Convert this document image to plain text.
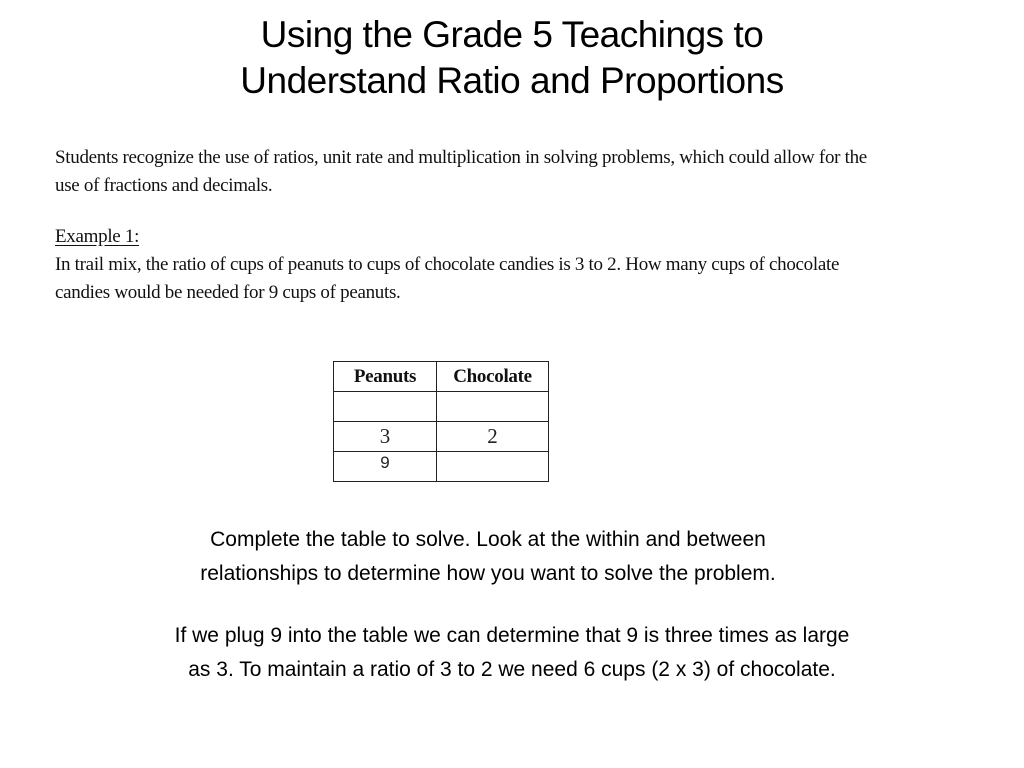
Using the Grade 5 Teachings to
Understand Ratio and Proportions
Students recognize the use of ratios, unit rate and multiplication in solving problems, which could allow for the
use of fractions and decimals.
Example 1:
In trail mix, the ratio of cups of peanuts to cups of chocolate candies is 3 to 2. How many cups of chocolate
candies would be needed for 9 cups of peanuts.
Peanuts	Chocolate

3	2
9	
Complete the table to solve. Look at the within and between
relationships to determine how you want to solve the problem.
If we plug 9 into the table we can determine that 9 is three times as large
as 3. To maintain a ratio of 3 to 2 we need 6 cups (2 x 3) of chocolate.
